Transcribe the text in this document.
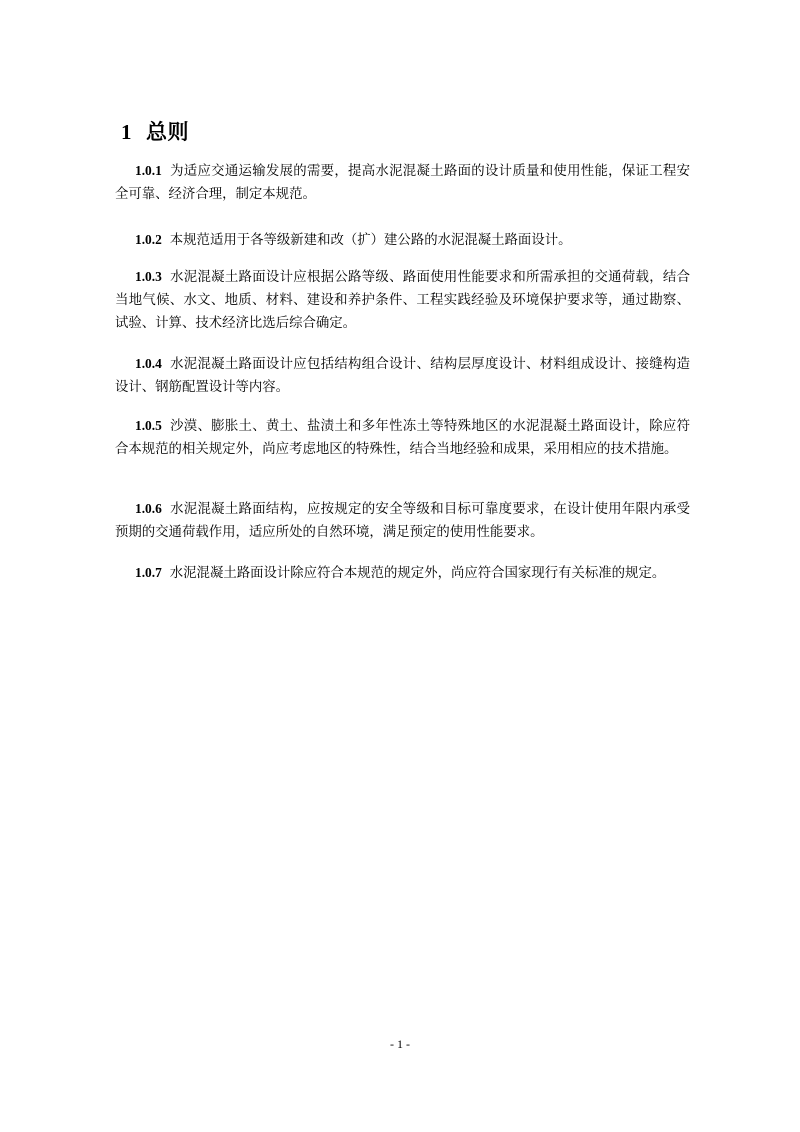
1 总则

1.0.1 为适应交通运输发展的需要，提高水泥混凝土路面的设计质量和使用性能，保证工程安全可靠、经济合理，制定本规范。

1.0.2 本规范适用于各等级新建和改（扩）建公路的水泥混凝土路面设计。

1.0.3 水泥混凝土路面设计应根据公路等级、路面使用性能要求和所需承担的交通荷载，结合当地气候、水文、地质、材料、建设和养护条件、工程实践经验及环境保护要求等，通过勘察、试验、计算、技术经济比选后综合确定。

1.0.4 水泥混凝土路面设计应包括结构组合设计、结构层厚度设计、材料组成设计、接缝构造设计、钢筋配置设计等内容。

1.0.5 沙漠、膨胀土、黄土、盐渍土和多年性冻土等特殊地区的水泥混凝土路面设计，除应符合本规范的相关规定外，尚应考虑地区的特殊性，结合当地经验和成果，采用相应的技术措施。

1.0.6 水泥混凝土路面结构，应按规定的安全等级和目标可靠度要求，在设计使用年限内承受预期的交通荷载作用，适应所处的自然环境，满足预定的使用性能要求。

1.0.7 水泥混凝土路面设计除应符合本规范的规定外，尚应符合国家现行有关标准的规定。

- 1 -
